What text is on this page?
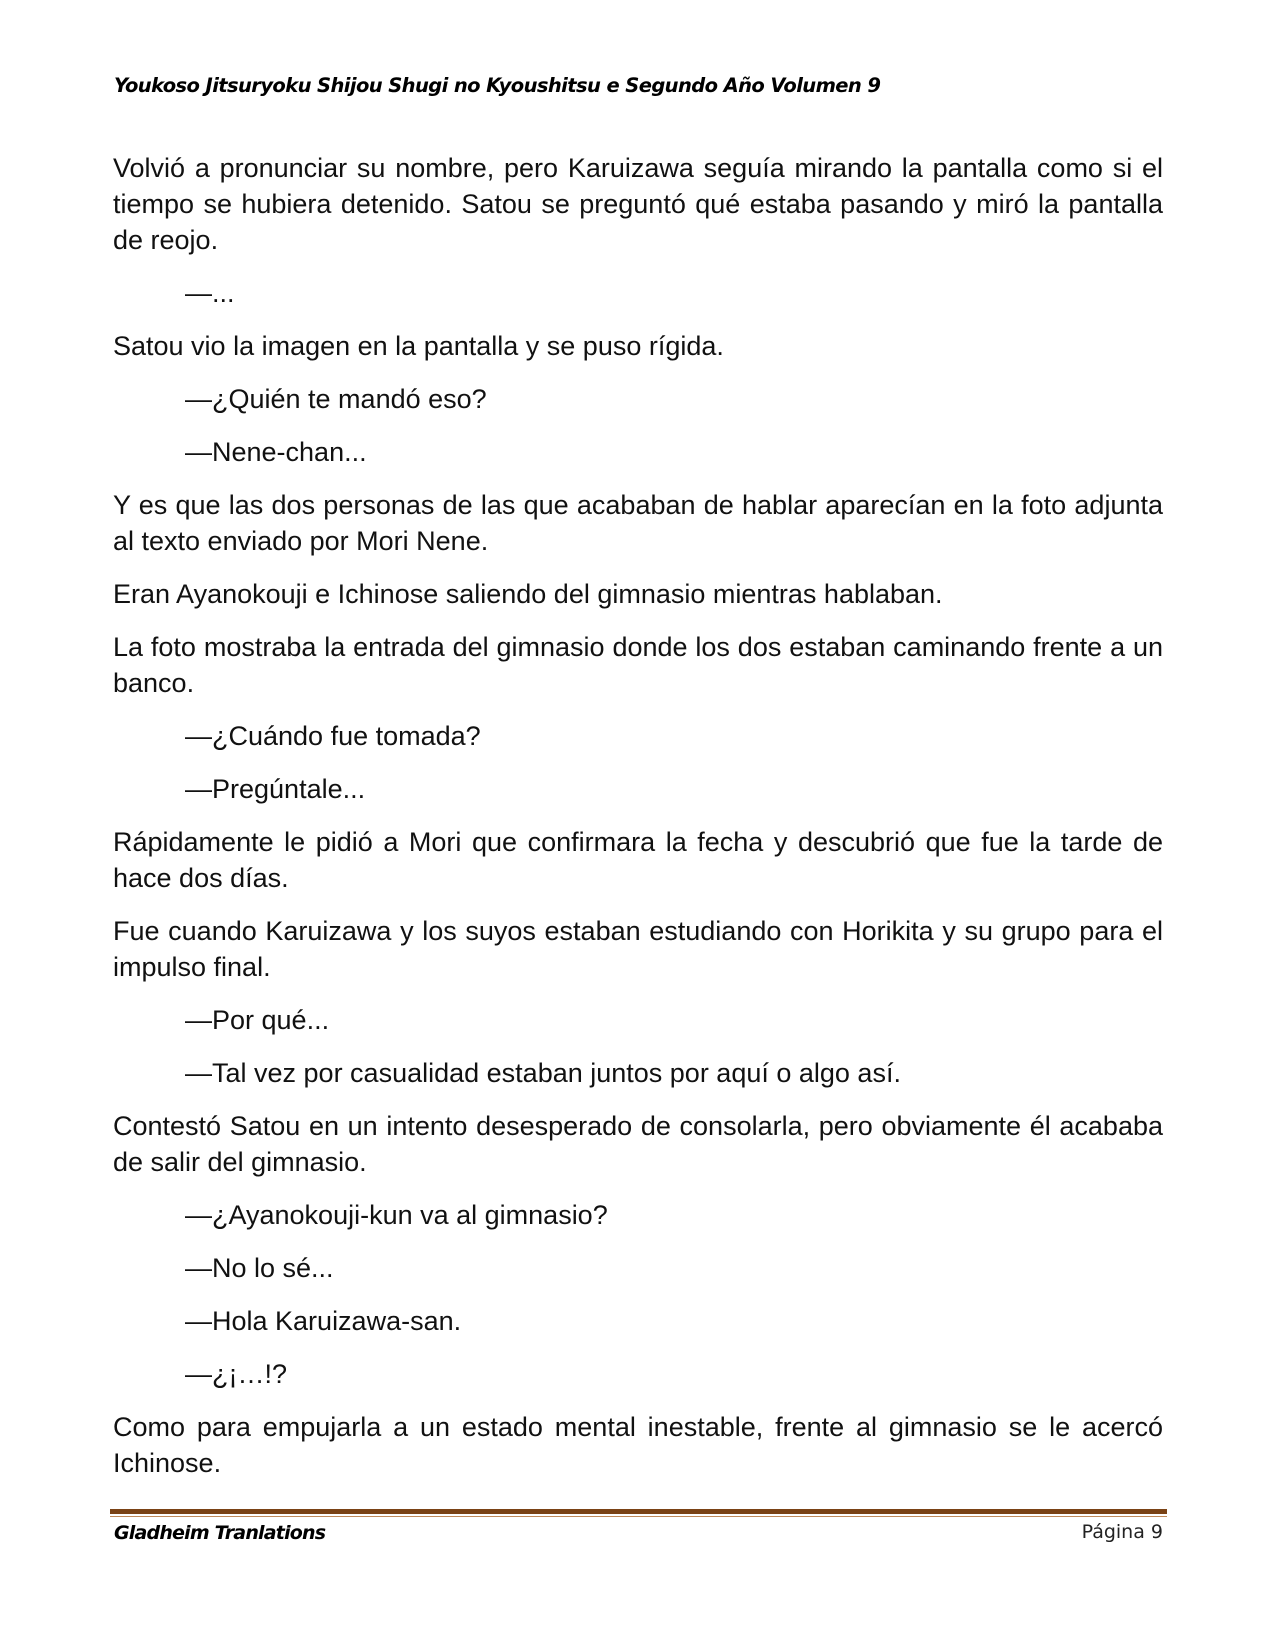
Youkoso Jitsuryoku Shijou Shugi no Kyoushitsu e Segundo Año Volumen 9

Volvió a pronunciar su nombre, pero Karuizawa seguía mirando la pantalla como si el tiempo se hubiera detenido. Satou se preguntó qué estaba pasando y miró la pantalla de reojo.

—...

Satou vio la imagen en la pantalla y se puso rígida.

—¿Quién te mandó eso?

—Nene-chan...

Y es que las dos personas de las que acababan de hablar aparecían en la foto adjunta al texto enviado por Mori Nene.

Eran Ayanokouji e Ichinose saliendo del gimnasio mientras hablaban.

La foto mostraba la entrada del gimnasio donde los dos estaban caminando frente a un banco.

—¿Cuándo fue tomada?

—Pregúntale...

Rápidamente le pidió a Mori que confirmara la fecha y descubrió que fue la tarde de hace dos días.

Fue cuando Karuizawa y los suyos estaban estudiando con Horikita y su grupo para el impulso final.

—Por qué...

—Tal vez por casualidad estaban juntos por aquí o algo así.

Contestó Satou en un intento desesperado de consolarla, pero obviamente él acababa de salir del gimnasio.

—¿Ayanokouji-kun va al gimnasio?

—No lo sé...

—Hola Karuizawa-san.

—¿¡…!?

Como para empujarla a un estado mental inestable, frente al gimnasio se le acercó Ichinose.

Gladheim Tranlations	Página 9
